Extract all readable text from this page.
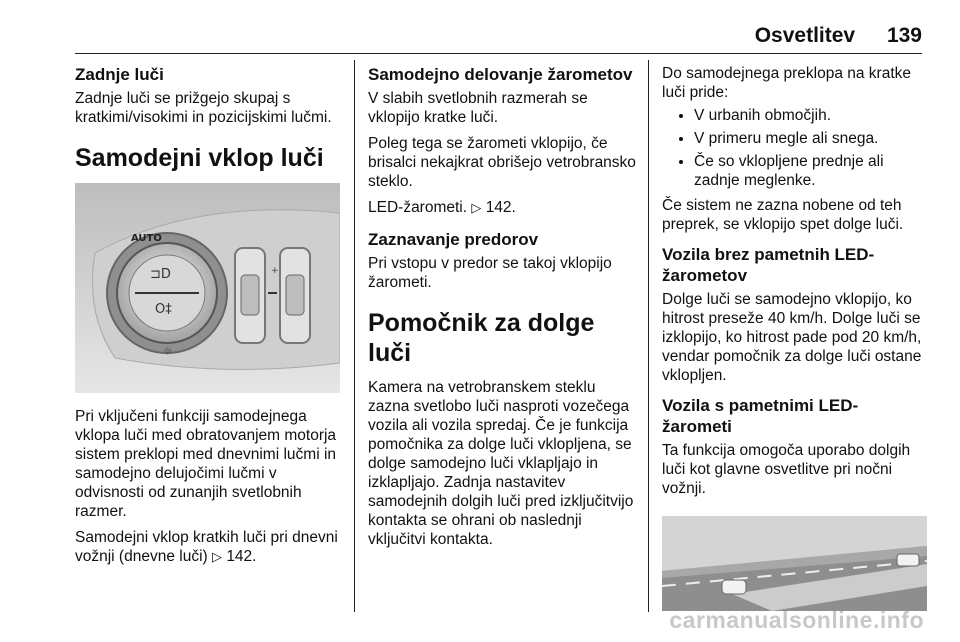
Osvetlitev 139
Zadnje luči

Zadnje luči se prižgejo skupaj s kratkimi/visokimi in pozicijskimi lučmi.

Samodejni vklop luči
⊐D
O‡
AUTO
☼
+

Pri vključeni funkciji samodejnega vklopa luči med obratovanjem motorja sistem preklopi med dnevnimi lučmi in samodejno delujočimi lučmi v odvisnosti od zunanjih svetlobnih razmer.

Samodejni vklop kratkih luči pri dnevni vožnji (dnevne luči) ▷ 142.

Samodejno delovanje žarometov

V slabih svetlobnih razmerah se vklopijo kratke luči.

Poleg tega se žarometi vklopijo, če brisalci nekajkrat obrišejo vetrobransko steklo.

LED-žarometi. ▷ 142.

Zaznavanje predorov

Pri vstopu v predor se takoj vklopijo žarometi.

Pomočnik za dolge luči

Kamera na vetrobranskem steklu zazna svetlobo luči nasproti vozečega vozila ali vozila spredaj. Če je funkcija pomočnika za dolge luči vklopljena, se dolge samodejno luči vklapljajo in izklapljajo. Zadnja nastavitev samodejnih dolgih luči pred izključitvijo kontakta se ohrani ob naslednji vključitvi kontakta.

Do samodejnega preklopa na kratke luči pride:

• V urbanih območjih.
• V primeru megle ali snega.
• Če so vklopljene prednje ali zadnje meglenke.

Če sistem ne zazna nobene od teh preprek, se vklopijo spet dolge luči.

Vozila brez pametnih LED-žarometov

Dolge luči se samodejno vklopijo, ko hitrost preseže 40 km/h. Dolge luči se izklopijo, ko hitrost pade pod 20 km/h, vendar pomočnik za dolge luči ostane vklopljen.

Vozila s pametnimi LED-žarometi

Ta funkcija omogoča uporabo dolgih luči kot glavne osvetlitve pri nočni vožnji.

carmanualsonline.info
